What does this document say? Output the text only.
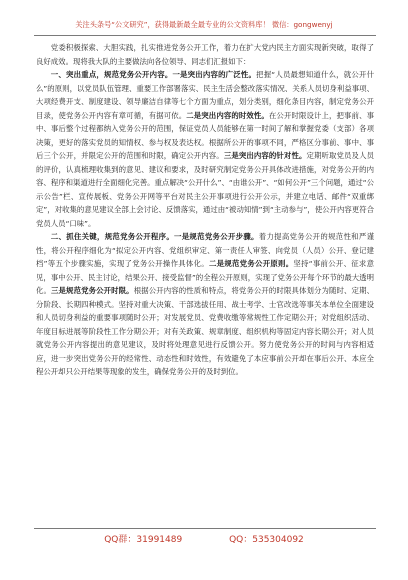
关注头条号“公文研究”，获得最新最全最专业的公文资料库！ 微信：gongwenyj

党委积极探索、大胆实践，扎实推进党务公开工作，着力在扩大党内民主方面实现新突破，取得了良好成效。现将我大队的主要做法向各位领导、同志们汇报如下：

一、突出重点，规范党务公开内容。一是突出内容的广泛性。把握“人员最想知道什么，就公开什么”的原则，以党员队伍管理、重要工作部署落实、民主生活会整改落实情况、关系人员切身利益事项、大项经费开支、制度建设、领导廉洁自律等七个方面为重点，划分类别，细化条目内容，制定党务公开目录，使党务公开内容有章可循，有据可依。二是突出内容的时效性。在公开时限设计上，把事前、事中、事后整个过程都纳入党务公开的范围，保证党员人员能够在第一时间了解和掌握党委（支部）各项决策，更好的落实党员的知情权、参与权及表达权。根据所公开的事项不同，严格区分事前、事中、事后三个公开，并限定公开的范围和时限，确定公开内容。三是突出内容的针对性。定期听取党员及人员的评价，认真梳理收集到的意见、建议和要求，及时研究制定党务公开具体改进措施，对党务公开的内容、程序和渠道进行全面细化完善。重点解决“公开什么”、“由谁公开”、“如何公开”三个问题，通过“公示公告”栏、宣传展板、党务公开网等平台对民主公开事项进行公开公示，并建立电话、邮件“双重绑定”，对收集的意见建议全部上会讨论、反馈落实，通过由“被动知情”到“主动参与”，使公开内容更符合党员人员“口味”。

二、抓住关键，规范党务公开程序。一是规范党务公开步骤。着力提高党务公开的规范性和严谨性，将公开程序细化为“拟定公开内容、党组织审定、第一责任人审签、向党员（人员）公开、登记建档”等五个步骤实施，实现了党务公开操作具体化。二是规范党务公开原则。坚持“事前公开、征求意见，事中公开、民主讨论，结果公开、接受监督”的全程公开原则，实现了党务公开每个环节的最大透明化。三是规范党务公开时限。根据公开内容的性质和特点，将党务公开的时限具体划分为随时、定期、分阶段、长期四种模式。坚持对重大决策、干部选拔任用、战士考学、士官改选等事关本单位全面建设和人员切身利益的重要事项随时公开；对发展党员、党费收缴等常规性工作定期公开；对党组织活动、年度目标进展等阶段性工作分期公开；对有关政策、规章制度、组织机构等固定内容长期公开；对人员就党务公开内容提出的意见建议，及时将处理意见进行反馈公开。努力使党务公开的时间与内容相适应，进一步突出党务公开的经常性、动态性和时效性，有效避免了本应事前公开却在事后公开、本应全程公开却只公开结果等现象的发生，确保党务公开的及时到位。

QQ群：31991489	QQ：535304092
